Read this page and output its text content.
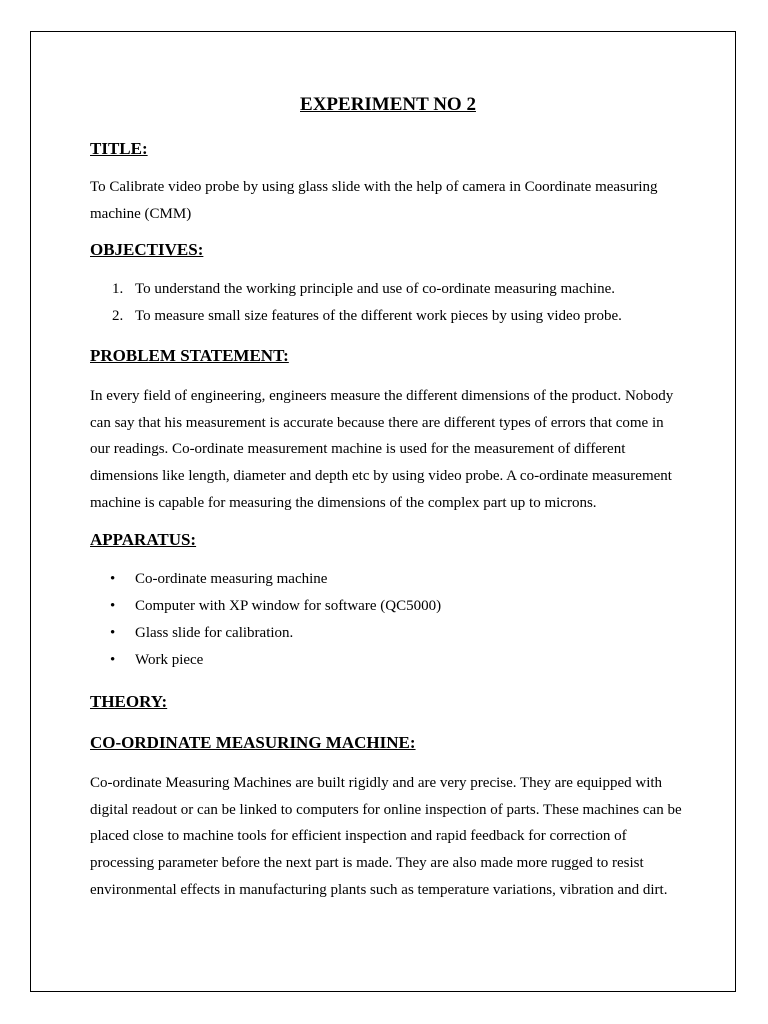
EXPERIMENT NO 2
TITLE:

To Calibrate video probe by using glass slide with the help of camera in Coordinate measuring machine (CMM)

OBJECTIVES:
1. To understand the working principle and use of co-ordinate measuring machine.
2. To measure small size features of the different work pieces by using video probe.
PROBLEM STATEMENT:

In every field of engineering, engineers measure the different dimensions of the product. Nobody can say that his measurement is accurate because there are different types of errors that come in our readings. Co-ordinate measurement machine is used for the measurement of different dimensions like length, diameter and depth etc by using video probe. A co-ordinate measurement machine is capable for measuring the dimensions of the complex part up to microns.

APPARATUS:
• Co-ordinate measuring machine
• Computer with XP window for software (QC5000)
• Glass slide for calibration.
• Work piece
THEORY:
CO-ORDINATE MEASURING MACHINE:

Co-ordinate Measuring Machines are built rigidly and are very precise. They are equipped with digital readout or can be linked to computers for online inspection of parts. These machines can be placed close to machine tools for efficient inspection and rapid feedback for correction of processing parameter before the next part is made. They are also made more rugged to resist environmental effects in manufacturing plants such as temperature variations, vibration and dirt.
